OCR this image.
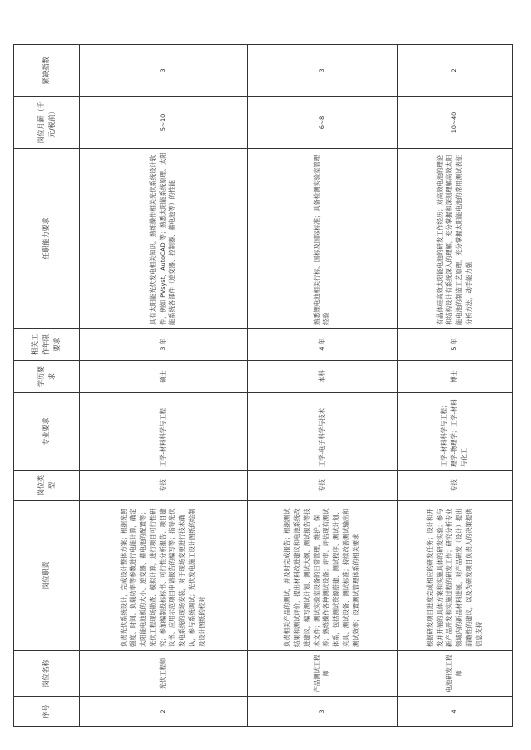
序号	岗位名称	岗位职责	岗位类型	专业要求	学历要求	相关工作年限要求	任职能力要求	岗位月薪（千元/税前）	紧缺指数
2	光伏工程师	负责光伏系统设计，完成设计整体方案；根据光照强度、时间、负载功率等参数进行电能计算，确定太阳能电池板的大小、逆变器、蓄电池的配置等；光伏工程现场勘查、模拟计算，进行项目可行性研究；参加编制投标标书、可行性分析报告、项目建议书、应用示范项目申请报告的编写等；指导光伏发电系统的现场安装，对于现场变更进行技术确认，参与系统调试；光伏发电施工设计图纸的绘制及设计图纸的校对	专技	工学-材料科学与工程	硕士	3 年	具有太阳能光伏发电相关知识，熟练操作相关光伏系统设计软件，例如 PVsyst、AutoCAD 等；熟悉太阳能系统原理、太阳能系统各部件（逆变器、控制器、蓄电池等）的性能	5~10	3
3	产品测试工程师	负责相关产品的测试，并及时完成报告；根据测试结果和测试评价，提出材料改进建议和电池系统改进建议，编写测试计划、测试大纲、测试报告等技术文件；测试实验室设备的日常管理，维护、保养；熟练操作各种测试设备；评审、评估现有测试体系，包括测试资源搭建、测试程序、测试计划、夹具、测试设备、测试标准；持续改善测试输出和测试效率；设置测试管理体系的相关要求	专技	工学-电子科学与技术	本科	4 年	熟悉锂电池相关行标、国标及国际标准；具备检测实验室管理经验	6~8	3
4	电池研发工程师	根据研发项目进度完成相应的研发任务；设计和开发并开展的具体方案和实施具体的研发实验；参与新产品开发和实施过程的研发工作；研究分析专业领域内的新品材料进展，对产品研发（设计）提出前瞻性的建议，以及为研发项目负责人的决策提供信息支持	专技	工学-材料科学与工程；理学-物理学；工学-材料与化工	博士	5 年	有晶体硅高效太阳能电池的研发工作经历；对高效电池的理论和结构设计有系统深入的理解，充分掌握和深刻理解高效太阳能电池的制造工艺原理，充分掌握太阳能电池的常用测试表征分析方法，动手能力强	10~40	2
